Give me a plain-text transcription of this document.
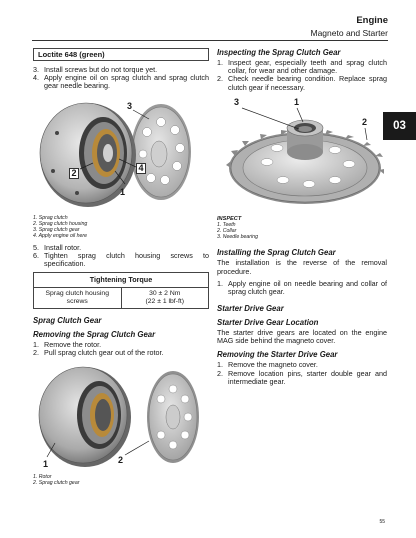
Engine
Magneto and Starter
03
Loctite 648 (green)
3. Install screws but do not torque yet.
4. Apply engine oil on sprag clutch and sprag clutch gear needle bearing.
3
2	4
1
1. Sprag clutch
2. Sprag clutch housing
3. Sprag clutch gear
4. Apply engine oil here
5. Install rotor.
6. Tighten sprag clutch housing screws to specification.
Tightening Torque
Sprag clutch housing screws	
30 ± 2 Nm
(22 ± 1 lbf-ft)
Sprag Clutch Gear
Removing the Sprag Clutch Gear
1. Remove the rotor.
2. Pull sprag clutch gear out of the rotor.
1	2
1. Rotor
2. Sprag clutch gear
Inspecting the Sprag Clutch Gear
1. Inspect gear, especially teeth and sprag clutch collar, for wear and other damage.
2. Check needle bearing condition. Replace sprag clutch gear if necessary.
3	1
2
INSPECT
1. Teeth
2. Collar
3. Needle bearing
Installing the Sprag Clutch Gear
The installation is the reverse of the removal procedure.
1. Apply engine oil on needle bearing and collar of sprag clutch gear.
Starter Drive Gear
Starter Drive Gear Location
The starter drive gears are located on the engine MAG side behind the magneto cover.
Removing the Starter Drive Gear
1. Remove the magneto cover.
2. Remove location pins, starter double gear and intermediate gear.
55
